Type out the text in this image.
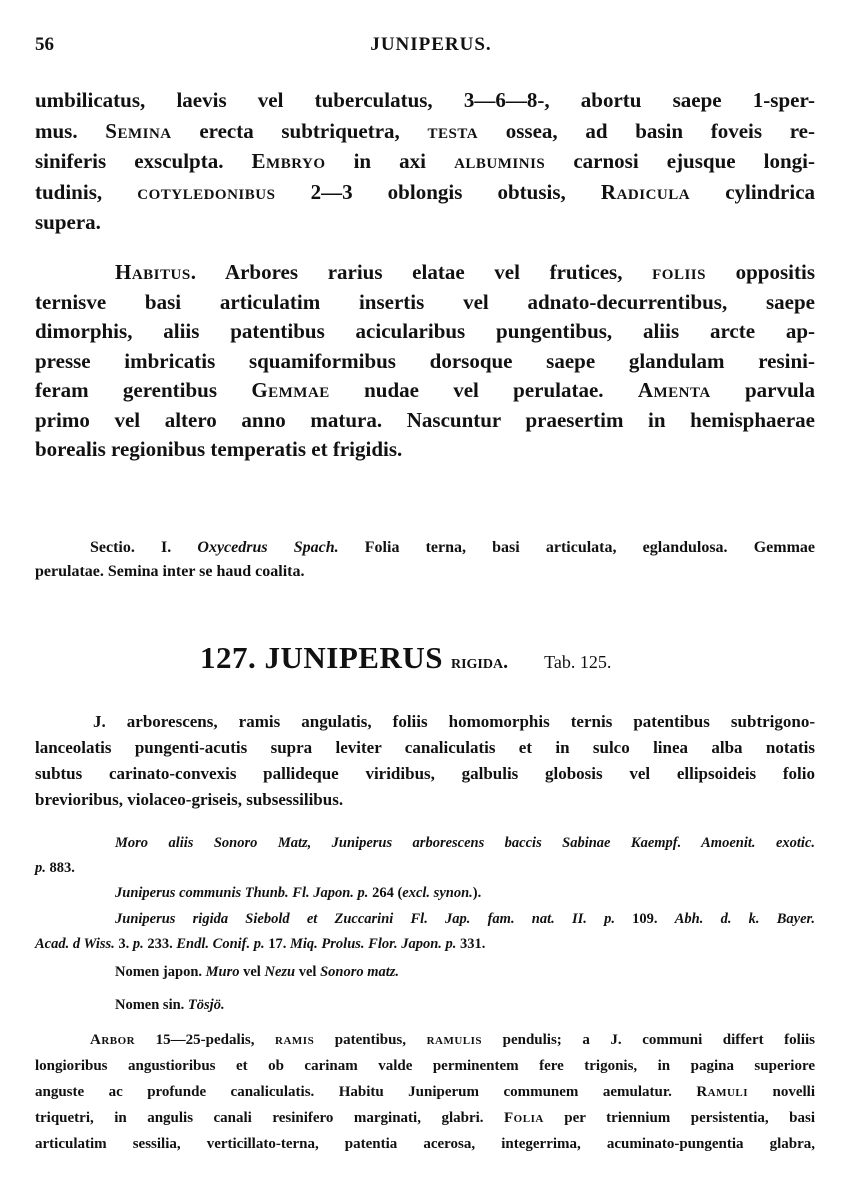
56	JUNIPERUS.
umbilicatus, laevis vel tuberculatus, 3—6—8-, abortu saepe 1-sper-
mus. Semina erecta subtriquetra, testa ossea, ad basin foveis re-
siniferis exsculpta. Embryo in axi albuminis carnosi ejusque longi-
tudinis, cotyledonibus 2—3 oblongis obtusis, Radicula cylindrica
supera.
Habitus. Arbores rarius elatae vel frutices, foliis oppositis
ternisve basi articulatim insertis vel adnato-decurrentibus, saepe
dimorphis, aliis patentibus acicularibus pungentibus, aliis arcte ap-
presse imbricatis squamiformibus dorsoque saepe glandulam resini-
feram gerentibus Gemmae nudae vel perulatae. Amenta parvula
primo vel altero anno matura. Nascuntur praesertim in hemisphaerae
borealis regionibus temperatis et frigidis.
Sectio. I. Oxycedrus Spach. Folia terna, basi articulata, eglandulosa. Gemmae
perulatae. Semina inter se haud coalita.
127. JUNIPERUS rigida. Tab. 125.
J. arborescens, ramis angulatis, foliis homomorphis ternis patentibus subtrigono-
lanceolatis pungenti-acutis supra leviter canaliculatis et in sulco linea alba notatis
subtus carinato-convexis pallideque viridibus, galbulis globosis vel ellipsoideis folio
brevioribus, violaceo-griseis, subsessilibus.
Moro aliis Sonoro Matz, Juniperus arborescens baccis Sabinae Kaempf. Amoenit. exotic.
p. 883.
Juniperus communis Thunb. Fl. Japon. p. 264 (excl. synon.).
Juniperus rigida Siebold et Zuccarini Fl. Jap. fam. nat. II. p. 109. Abh. d. k. Bayer.
Acad. d Wiss. 3. p. 233. Endl. Conif. p. 17. Miq. Prolus. Flor. Japon. p. 331.
Nomen japon. Muro vel Nezu vel Sonoro matz.
Nomen sin. Tösjö.
Arbor 15—25-pedalis, ramis patentibus, ramulis pendulis; a J. communi differt foliis
longioribus angustioribus et ob carinam valde perminentem fere trigonis, in pagina superiore
anguste ac profunde canaliculatis. Habitu Juniperum communem aemulatur. Ramuli novelli
triquetri, in angulis canali resinifero marginati, glabri. Folia per triennium persistentia, basi
articulatim sessilia, verticillato-terna, patentia acerosa, integerrima, acuminato-pungentia glabra,
